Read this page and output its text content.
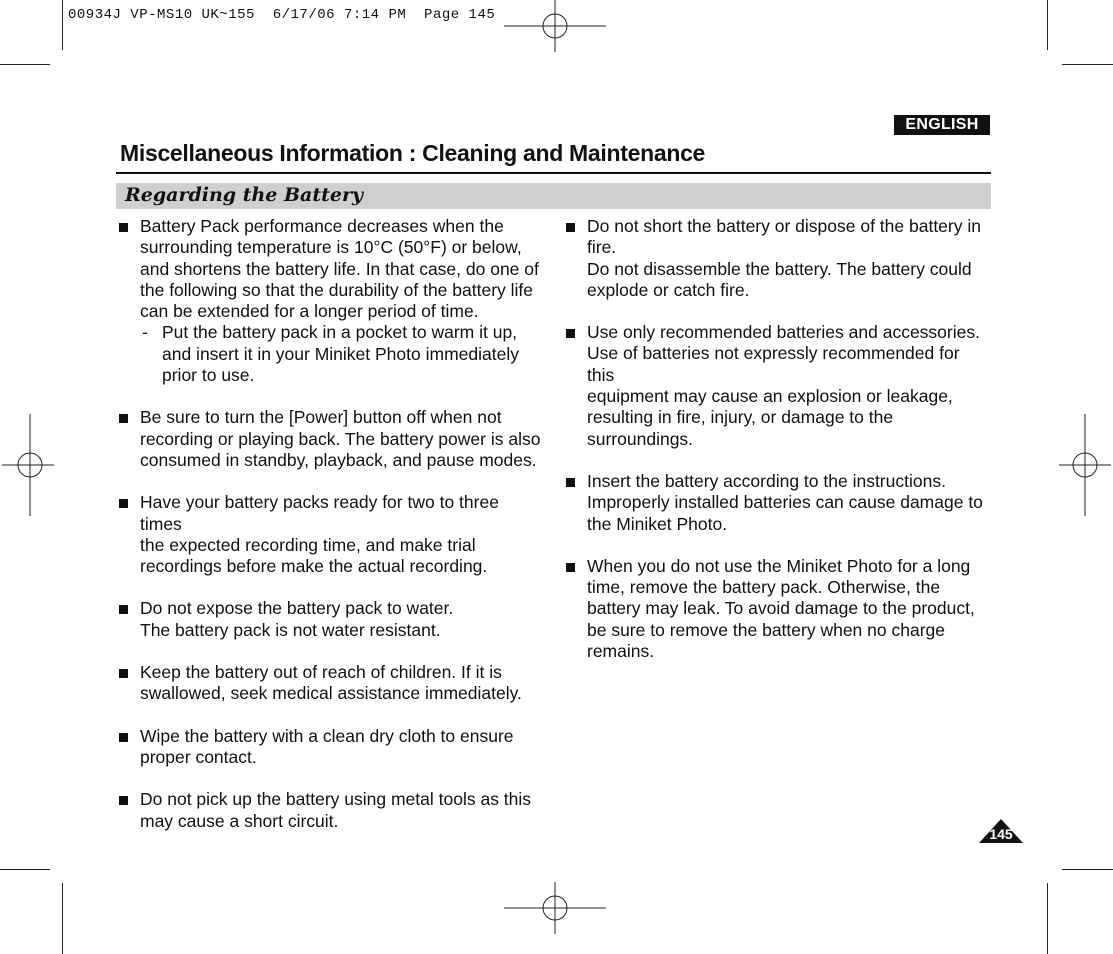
00934J VP-MS10 UK~155  6/17/06 7:14 PM  Page 145
ENGLISH
Miscellaneous Information : Cleaning and Maintenance
Regarding the Battery
Battery Pack performance decreases when the
surrounding temperature is 10°C (50°F) or below,
and shortens the battery life. In that case, do one of
the following so that the durability of the battery life
can be extended for a longer period of time.
- Put the battery pack in a pocket to warm it up,
and insert it in your Miniket Photo immediately
prior to use.
Be sure to turn the [Power] button off when not
recording or playing back. The battery power is also
consumed in standby, playback, and pause modes.
Have your battery packs ready for two to three times
the expected recording time, and make trial
recordings before make the actual recording.
Do not expose the battery pack to water.
The battery pack is not water resistant.
Keep the battery out of reach of children. If it is
swallowed, seek medical assistance immediately.
Wipe the battery with a clean dry cloth to ensure
proper contact.
Do not pick up the battery using metal tools as this
may cause a short circuit.
Do not short the battery or dispose of the battery in
fire.
Do not disassemble the battery. The battery could
explode or catch fire.
Use only recommended batteries and accessories.
Use of batteries not expressly recommended for this
equipment may cause an explosion or leakage,
resulting in fire, injury, or damage to the
surroundings.
Insert the battery according to the instructions.
Improperly installed batteries can cause damage to
the Miniket Photo.
When you do not use the Miniket Photo for a long
time, remove the battery pack. Otherwise, the
battery may leak. To avoid damage to the product,
be sure to remove the battery when no charge
remains.
145
